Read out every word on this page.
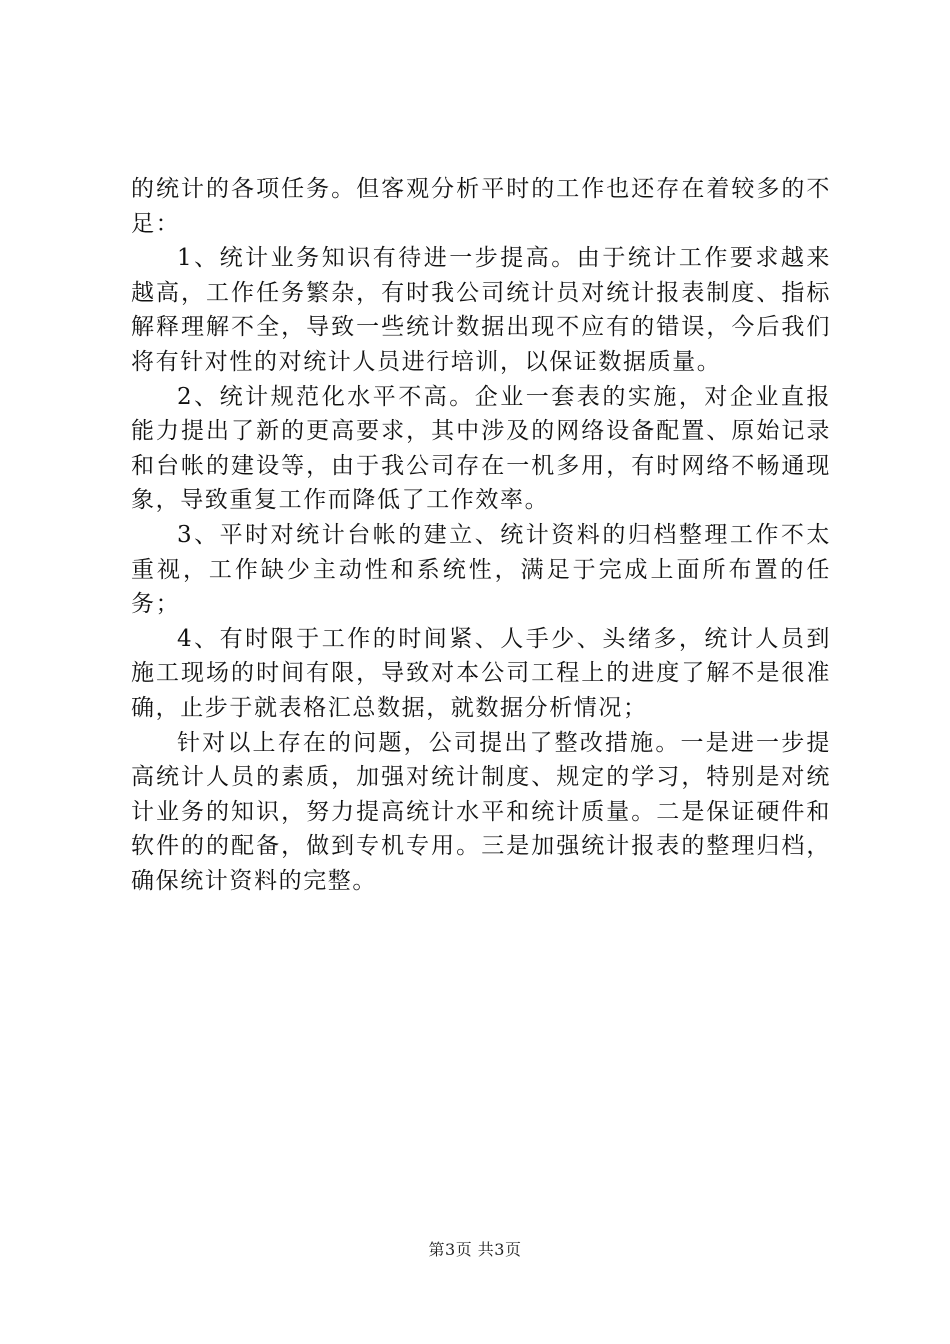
的统计的各项任务。但客观分析平时的工作也还存在着较多的不足：

1、统计业务知识有待进一步提高。由于统计工作要求越来越高，工作任务繁杂，有时我公司统计员对统计报表制度、指标解释理解不全，导致一些统计数据出现不应有的错误，今后我们将有针对性的对统计人员进行培训，以保证数据质量。

2、统计规范化水平不高。企业一套表的实施，对企业直报能力提出了新的更高要求，其中涉及的网络设备配置、原始记录和台帐的建设等，由于我公司存在一机多用，有时网络不畅通现象，导致重复工作而降低了工作效率。

3、平时对统计台帐的建立、统计资料的归档整理工作不太重视，工作缺少主动性和系统性，满足于完成上面所布置的任务；

4、有时限于工作的时间紧、人手少、头绪多，统计人员到施工现场的时间有限，导致对本公司工程上的进度了解不是很准确，止步于就表格汇总数据，就数据分析情况；

针对以上存在的问题，公司提出了整改措施。一是进一步提高统计人员的素质，加强对统计制度、规定的学习，特别是对统计业务的知识，努力提高统计水平和统计质量。二是保证硬件和软件的的配备，做到专机专用。三是加强统计报表的整理归档，确保统计资料的完整。

第3页 共3页
